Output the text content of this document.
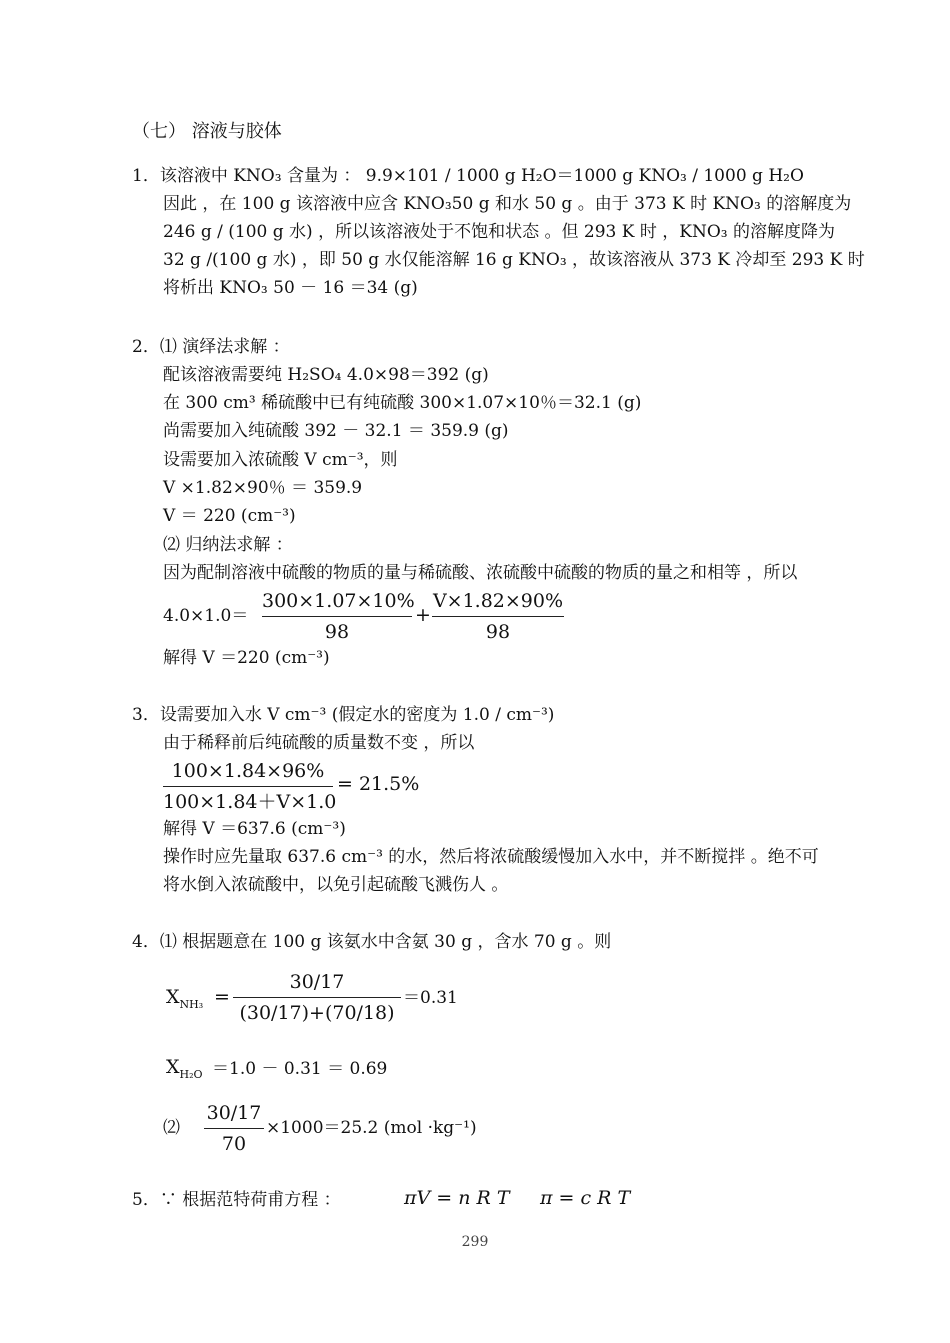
（七） 溶液与胶体
1．该溶液中 KNO₃ 含量为 ： 9.9×101 / 1000 g H₂O＝1000 g KNO₃ / 1000 g H₂O
因此 ，在 100 g 该溶液中应含 KNO₃50 g 和水 50 g 。由于 373 K 时 KNO₃ 的溶解度为
246 g / (100 g 水) ，所以该溶液处于不饱和状态 。但 293 K 时 ，KNO₃ 的溶解度降为
32 g /(100 g 水) ，即 50 g 水仅能溶解 16 g KNO₃ ，故该溶液从 373 K 冷却至 293 K 时
将析出 KNO₃ 50 － 16 ＝34 (g)
2．⑴ 演绎法求解 ：
配该溶液需要纯 H₂SO₄ 4.0×98＝392 (g)
在 300 cm³ 稀硫酸中已有纯硫酸 300×1.07×10％＝32.1 (g)
尚需要加入纯硫酸 392 － 32.1 ＝ 359.9 (g)
设需要加入浓硫酸 V cm⁻³，则
V ×1.82×90％ ＝ 359.9
V ＝ 220 (cm⁻³)
⑵ 归纳法求解 ：
因为配制溶液中硫酸的物质的量与稀硫酸、浓硫酸中硫酸的物质的量之和相等 ，所以
4.0×1.0＝
300×1.07×10%
98
+
V×1.82×90%
98
解得 V ＝220 (cm⁻³)
3．设需要加入水 V cm⁻³ (假定水的密度为 1.0 / cm⁻³)
由于稀释前后纯硫酸的质量数不变 ，所以
100×1.84×96%
100×1.84＋V×1.0
= 21.5%
解得 V ＝637.6 (cm⁻³)
操作时应先量取 637.6 cm⁻³ 的水，然后将浓硫酸缓慢加入水中，并不断搅拌 。绝不可
将水倒入浓硫酸中，以免引起硫酸飞溅伤人 。
4．⑴ 根据题意在 100 g 该氨水中含氨 30 g ，含水 70 g 。则
$X_{NH_3}$ =
30/17
(30/17)+(70/18)
＝0.31
$X_{H_2O} =1.0 - 0.31 = 0.69$
⑵
30/17
70
×1000＝25.2 (mol ·kg⁻¹)
5．∵ 根据范特荷甫方程 ：	πV = n R T π = c R T
299
